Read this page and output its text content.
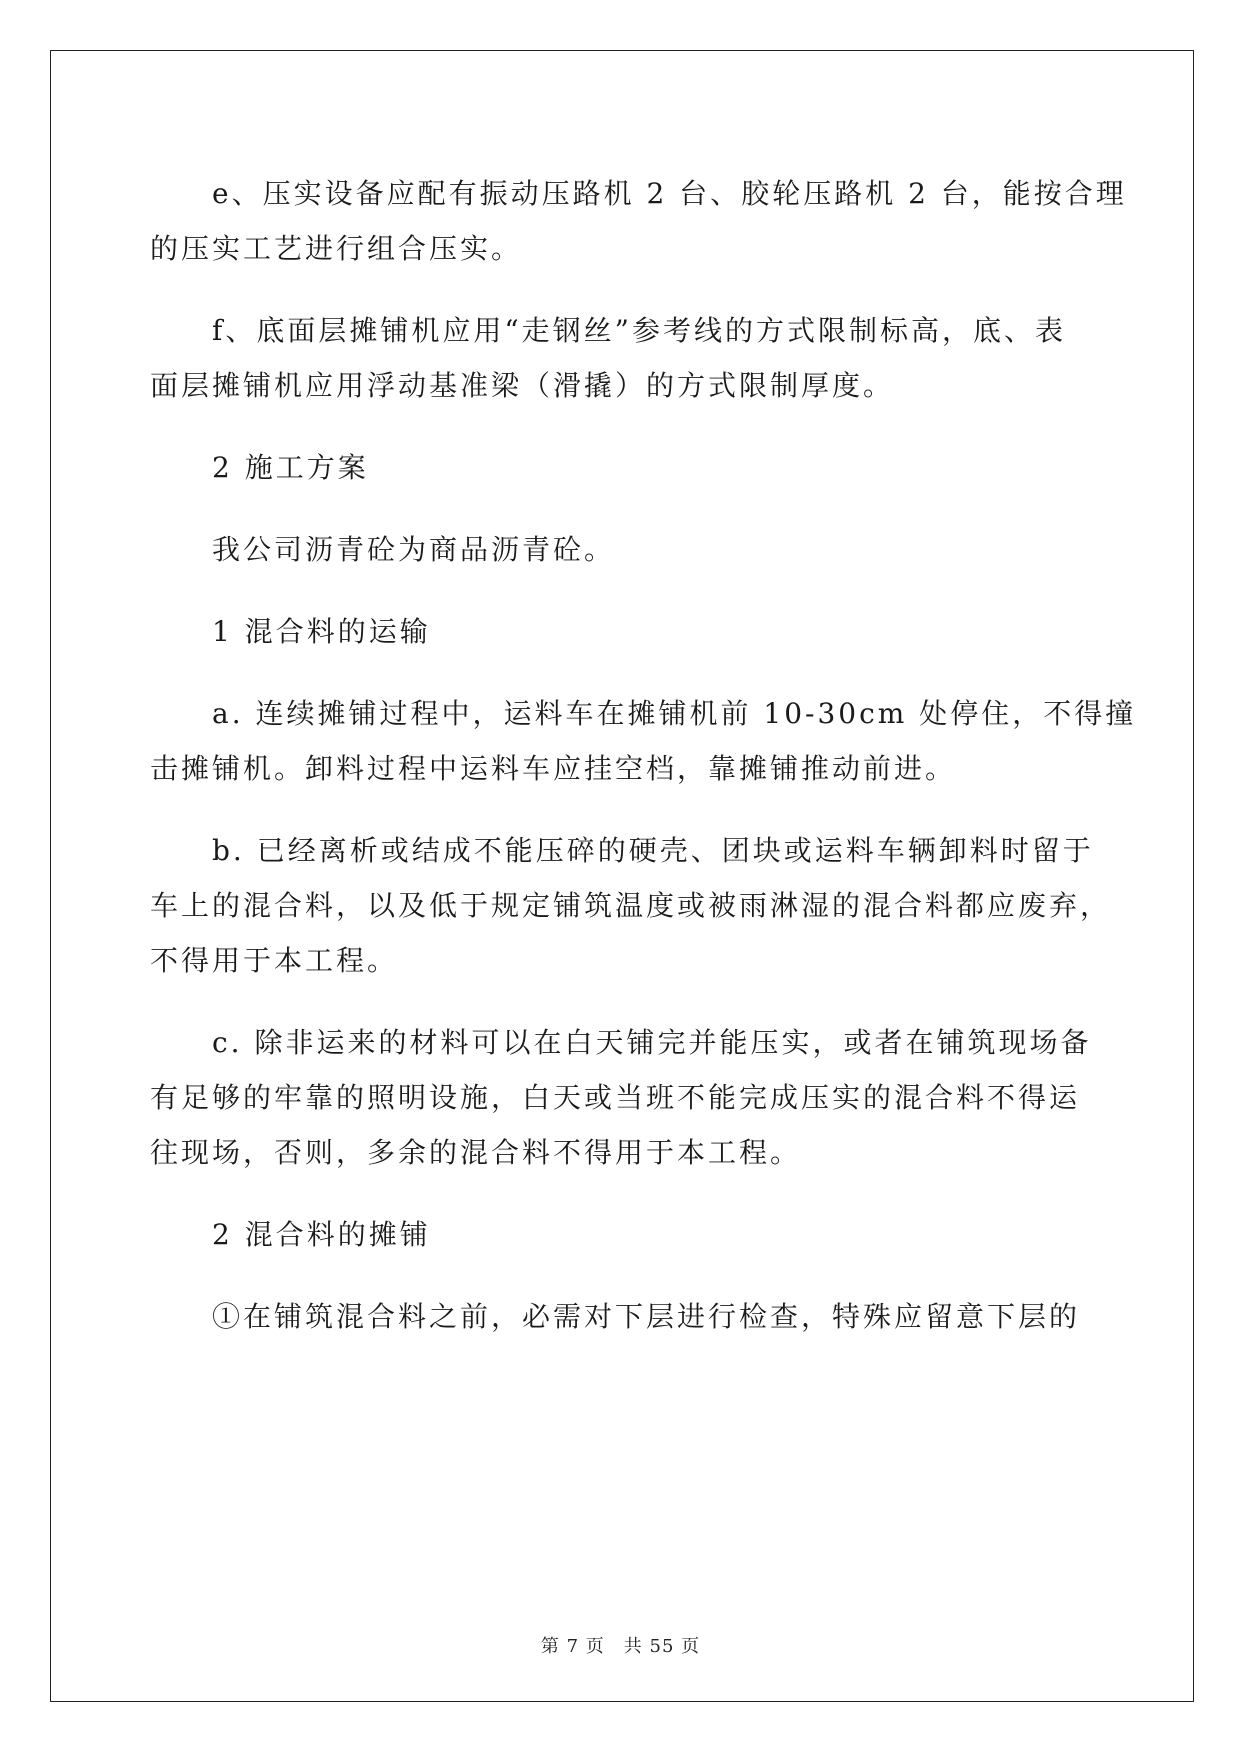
e、压实设备应配有振动压路机 2 台、胶轮压路机 2 台，能按合理
的压实工艺进行组合压实。

f、底面层摊铺机应用“走钢丝”参考线的方式限制标高，底、表
面层摊铺机应用浮动基准梁（滑撬）的方式限制厚度。

2 施工方案

我公司沥青砼为商品沥青砼。

1 混合料的运输

a. 连续摊铺过程中，运料车在摊铺机前 10-30cm 处停住，不得撞
击摊铺机。卸料过程中运料车应挂空档，靠摊铺推动前进。

b. 已经离析或结成不能压碎的硬壳、团块或运料车辆卸料时留于
车上的混合料，以及低于规定铺筑温度或被雨淋湿的混合料都应废弃，
不得用于本工程。

c. 除非运来的材料可以在白天铺完并能压实，或者在铺筑现场备
有足够的牢靠的照明设施，白天或当班不能完成压实的混合料不得运
往现场，否则，多余的混合料不得用于本工程。

2 混合料的摊铺

①在铺筑混合料之前，必需对下层进行检查，特殊应留意下层的

第 7 页　共 55 页
